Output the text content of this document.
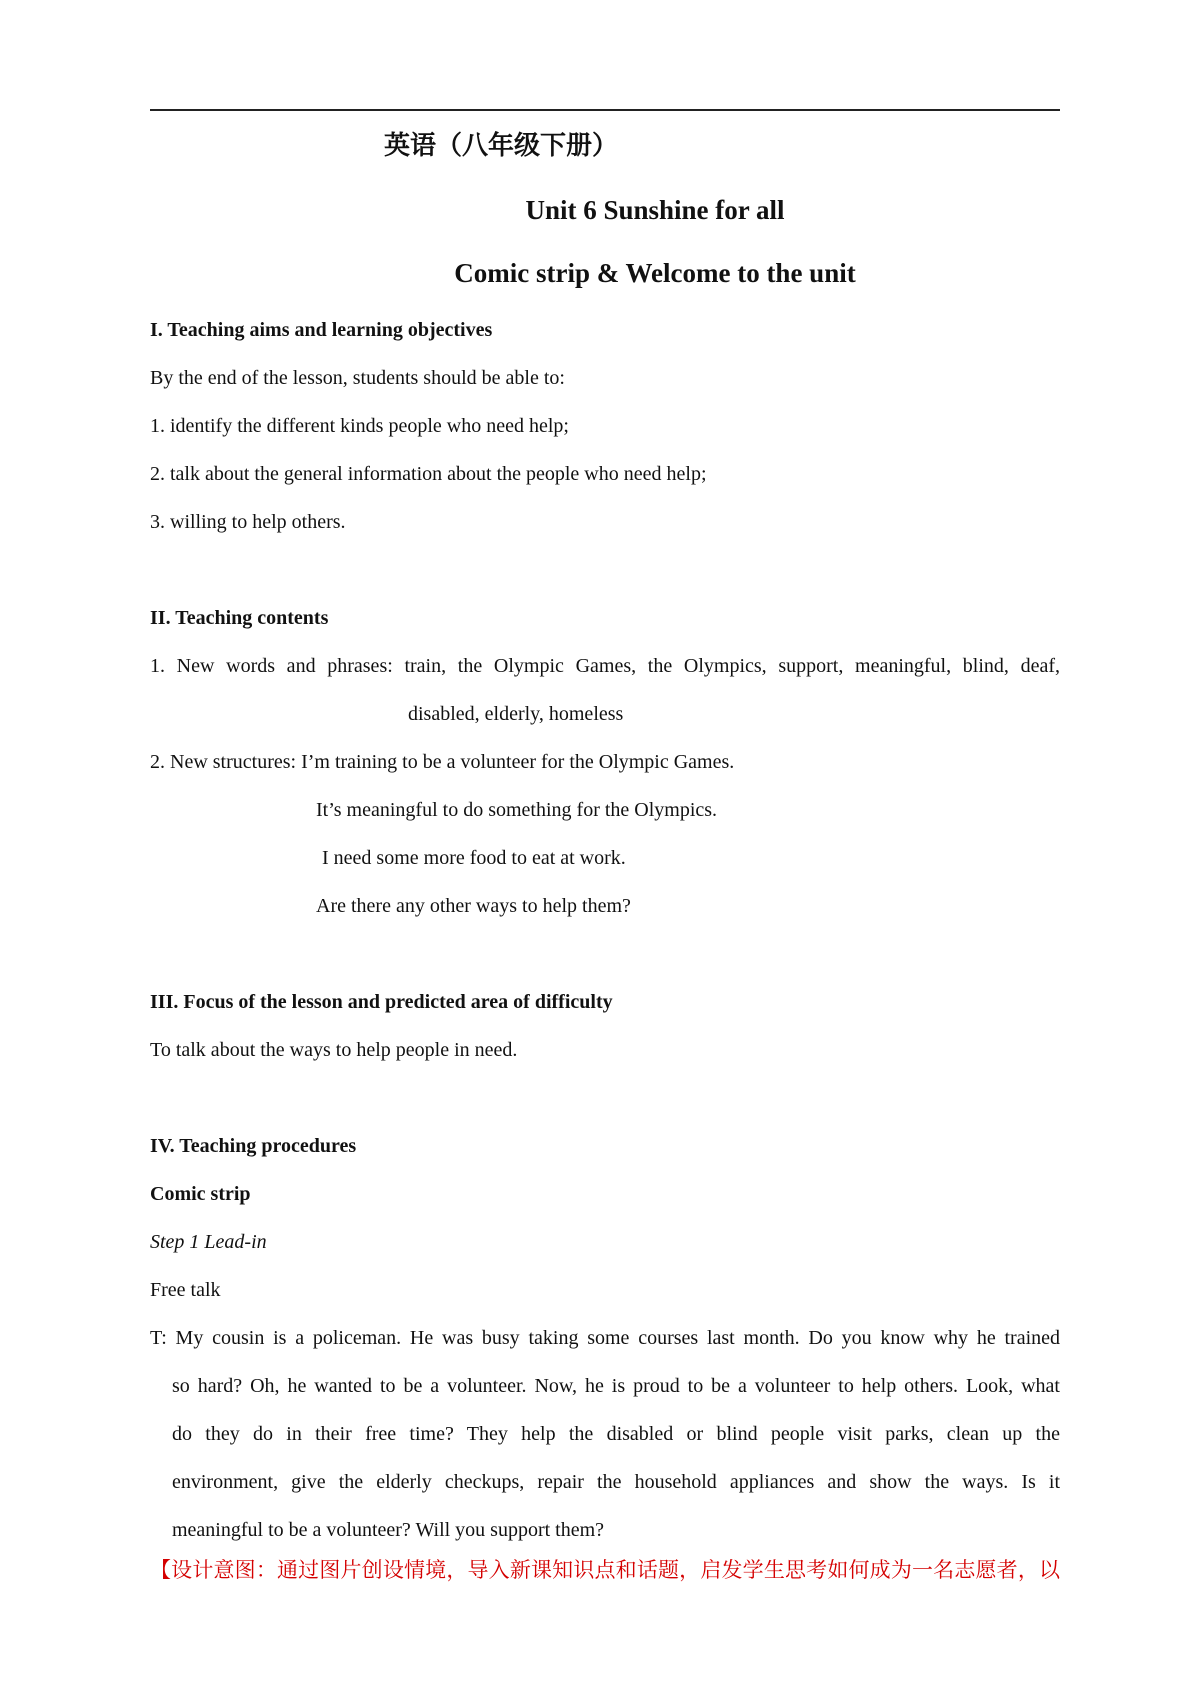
英语（八年级下册）
Unit 6 Sunshine for all
Comic strip & Welcome to the unit
I. Teaching aims and learning objectives
By the end of the lesson, students should be able to:
1. identify the different kinds people who need help;
2. talk about the general information about the people who need help;
3. willing to help others.
II. Teaching contents
1. New words and phrases: train, the Olympic Games, the Olympics, support, meaningful, blind, deaf,
disabled, elderly, homeless
2. New structures: I’m training to be a volunteer for the Olympic Games.
It’s meaningful to do something for the Olympics.
I need some more food to eat at work.
Are there any other ways to help them?
III. Focus of the lesson and predicted area of difficulty
To talk about the ways to help people in need.
IV. Teaching procedures
Comic strip
Step 1 Lead-in
Free talk
T: My cousin is a policeman. He was busy taking some courses last month. Do you know why he trained
so hard? Oh, he wanted to be a volunteer. Now, he is proud to be a volunteer to help others. Look, what
do they do in their free time? They help the disabled or blind people visit parks, clean up the
environment, give the elderly checkups, repair the household appliances and show the ways. Is it
meaningful to be a volunteer? Will you support them?
【设计意图：通过图片创设情境，导入新课知识点和话题，启发学生思考如何成为一名志愿者，以
